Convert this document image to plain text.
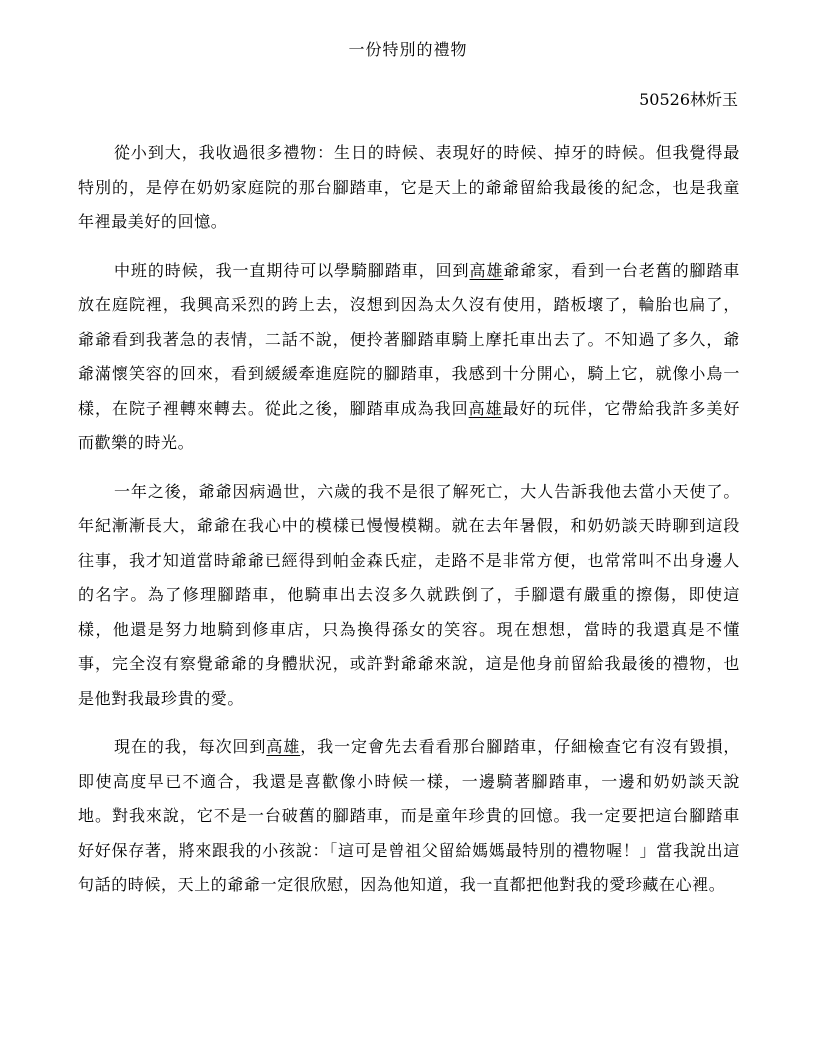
一份特別的禮物
50526林炘玉

從小到大，我收過很多禮物：生日的時候、表現好的時候、掉牙的時候。但我覺得最特別的，是停在奶奶家庭院的那台腳踏車，它是天上的爺爺留給我最後的紀念，也是我童年裡最美好的回憶。

中班的時候，我一直期待可以學騎腳踏車，回到高雄爺爺家，看到一台老舊的腳踏車放在庭院裡，我興高采烈的跨上去，沒想到因為太久沒有使用，踏板壞了，輪胎也扁了，爺爺看到我著急的表情，二話不說，便拎著腳踏車騎上摩托車出去了。不知過了多久，爺爺滿懷笑容的回來，看到緩緩牽進庭院的腳踏車，我感到十分開心，騎上它，就像小鳥一樣，在院子裡轉來轉去。從此之後，腳踏車成為我回高雄最好的玩伴，它帶給我許多美好而歡樂的時光。

一年之後，爺爺因病過世，六歲的我不是很了解死亡，大人告訴我他去當小天使了。年紀漸漸長大，爺爺在我心中的模樣已慢慢模糊。就在去年暑假，和奶奶談天時聊到這段往事，我才知道當時爺爺已經得到帕金森氏症，走路不是非常方便，也常常叫不出身邊人的名字。為了修理腳踏車，他騎車出去沒多久就跌倒了，手腳還有嚴重的擦傷，即使這樣，他還是努力地騎到修車店，只為換得孫女的笑容。現在想想，當時的我還真是不懂事，完全沒有察覺爺爺的身體狀況，或許對爺爺來說，這是他身前留給我最後的禮物，也是他對我最珍貴的愛。

現在的我，每次回到高雄，我一定會先去看看那台腳踏車，仔細檢查它有沒有毀損，即使高度早已不適合，我還是喜歡像小時候一樣，一邊騎著腳踏車，一邊和奶奶談天說地。對我來說，它不是一台破舊的腳踏車，而是童年珍貴的回憶。我一定要把這台腳踏車好好保存著，將來跟我的小孩說：「這可是曾祖父留給媽媽最特別的禮物喔！」當我說出這句話的時候，天上的爺爺一定很欣慰，因為他知道，我一直都把他對我的愛珍藏在心裡。
